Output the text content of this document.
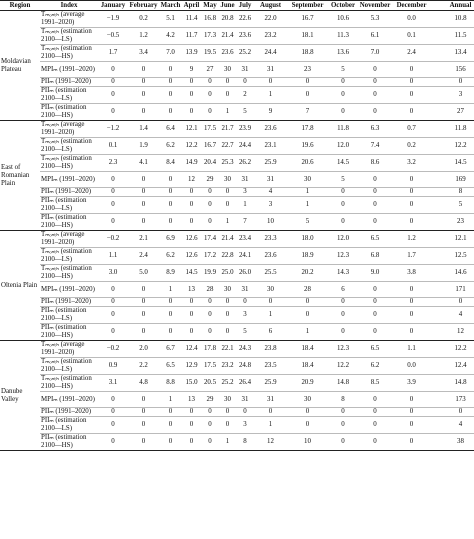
Region	Index	January	February	March	April	May	June	July	August	September	October	November	December	Annual
Moldavian Plateau	Tₘₒₙₜₕ (average 1991–2020)	−1.9	0.2	5.1	11.4	16.8	20.8	22.6	22.0	16.7	10.6	5.3	0.0	10.8
	Tₘₒₙₜₕ (estimation 2100—LS)	−0.5	1.2	4.2	11.7	17.3	21.4	23.6	23.2	18.1	11.3	6.1	0.1	11.5
	Tₘₒₙₜₕ (estimation 2100—HS)	1.7	3.4	7.0	13.9	19.5	23.6	25.2	24.4	18.8	13.6	7.0	2.4	13.4
	MPIₘ (1991–2020)	0	0	0	9	27	30	31	31	23	5	0	0	156
	PIIₘ (1991–2020)	0	0	0	0	0	0	0	0	0	0	0	0	0
	PIIₘ (estimation 2100—LS)	0	0	0	0	0	0	2	1	0	0	0	0	3
	PIIₘ (estimation 2100—HS)	0	0	0	0	0	1	5	9	7	0	0	0	27
East of Romanian Plain	Tₘₒₙₜₕ (average 1991–2020)	−1.2	1.4	6.4	12.1	17.5	21.7	23.9	23.6	17.8	11.8	6.3	0.7	11.8
	Tₘₒₙₜₕ (estimation 2100—LS)	0.1	1.9	6.2	12.2	16.7	22.7	24.4	23.1	19.6	12.0	7.4	0.2	12.2
	Tₘₒₙₜₕ (estimation 2100—HS)	2.3	4.1	8.4	14.9	20.4	25.3	26.2	25.9	20.6	14.5	8.6	3.2	14.5
	MPIₘ (1991–2020)	0	0	0	12	29	30	31	31	30	5	0	0	169
	PIIₘ (1991–2020)	0	0	0	0	0	0	3	4	1	0	0	0	8
	PIIₘ (estimation 2100—LS)	0	0	0	0	0	0	1	3	1	0	0	0	5
	PIIₘ (estimation 2100—HS)	0	0	0	0	0	1	7	10	5	0	0	0	23
Oltenia Plain	Tₘₒₙₜₕ (average 1991–2020)	−0.2	2.1	6.9	12.6	17.4	21.4	23.4	23.3	18.0	12.0	6.5	1.2	12.1
	Tₘₒₙₜₕ (estimation 2100—LS)	1.1	2.4	6.2	12.6	17.2	22.8	24.1	23.6	18.9	12.3	6.8	1.7	12.5
	Tₘₒₙₜₕ (estimation 2100—HS)	3.0	5.0	8.9	14.5	19.9	25.0	26.0	25.5	20.2	14.3	9.0	3.8	14.6
	MPIₘ (1991–2020)	0	0	1	13	28	30	31	30	28	6	0	0	171
	PIIₘ (1991–2020)	0	0	0	0	0	0	0	0	0	0	0	0	0
	PIIₘ (estimation 2100—LS)	0	0	0	0	0	0	3	1	0	0	0	0	4
	PIIₘ (estimation 2100—HS)	0	0	0	0	0	0	5	6	1	0	0	0	12
Danube Valley	Tₘₒₙₜₕ (average 1991–2020)	−0.2	2.0	6.7	12.4	17.8	22.1	24.3	23.8	18.4	12.3	6.5	1.1	12.2
	Tₘₒₙₜₕ (estimation 2100—LS)	0.9	2.2	6.5	12.9	17.5	23.2	24.8	23.5	18.4	12.2	6.2	0.0	12.4
	Tₘₒₙₜₕ (estimation 2100—HS)	3.1	4.8	8.8	15.0	20.5	25.2	26.4	25.9	20.9	14.8	8.5	3.9	14.8
	MPIₘ (1991–2020)	0	0	1	13	29	30	31	31	30	8	0	0	173
	PIIₘ (1991–2020)	0	0	0	0	0	0	0	0	0	0	0	0	0
	PIIₘ (estimation 2100—LS)	0	0	0	0	0	0	3	1	0	0	0	0	4
	PIIₘ (estimation 2100—HS)	0	0	0	0	0	1	8	12	10	0	0	0	38
